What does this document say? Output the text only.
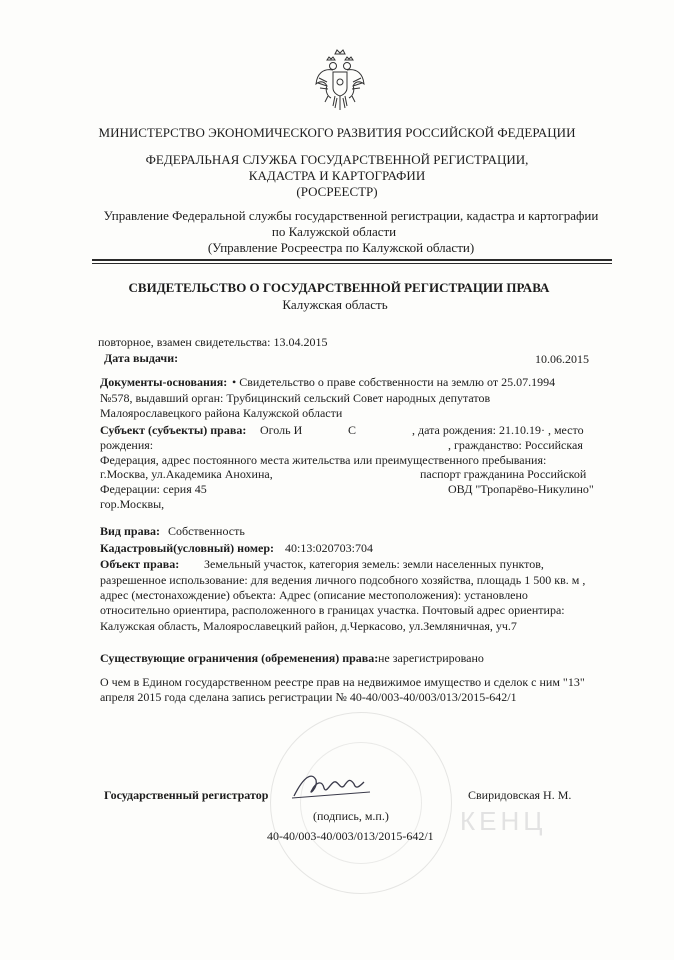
МИНИСТЕРСТВО ЭКОНОМИЧЕСКОГО РАЗВИТИЯ РОССИЙСКОЙ ФЕДЕРАЦИИ
ФЕДЕРАЛЬНАЯ СЛУЖБА ГОСУДАРСТВЕННОЙ РЕГИСТРАЦИИ,
КАДАСТРА И КАРТОГРАФИИ
(РОСРЕЕСТР)
Управление Федеральной службы государственной регистрации, кадастра и картографии
по Калужской области
(Управление Росреестра по Калужской области)
СВИДЕТЕЛЬСТВО О ГОСУДАРСТВЕННОЙ РЕГИСТРАЦИИ ПРАВА
Калужская область
повторное, взамен свидетельства: 13.04.2015
Дата выдачи:	10.06.2015
Документы-основания: • Свидетельство о праве собственности на землю от 25.07.1994
№578, выдавший орган: Трубицинский сельский Совет народных депутатов
Малоярославецкого района Калужской области
Субъект (субъекты) права: Оголь И	С	, дата рождения: 21.10.19· , место
рождения:	, гражданство: Российская
Федерация, адрес постоянного места жительства или преимущественного пребывания:
г.Москва, ул.Академика Анохина,	паспорт гражданина Российской
Федерации: серия 45	ОВД "Тропарёво-Никулино"
гор.Москвы,
Вид права: Собственность
Кадастровый(условный) номер: 40:13:020703:704
Объект права: Земельный участок, категория земель: земли населенных пунктов,
разрешенное использование: для ведения личного подсобного хозяйства, площадь 1 500 кв. м ,
адрес (местонахождение) объекта: Адрес (описание местоположения): установлено
относительно ориентира, расположенного в границах участка. Почтовый адрес ориентира:
Калужская область, Малоярославецкий район, д.Черкасово, ул.Земляничная, уч.7
Существующие ограничения (обременения) права: не зарегистрировано
О чем в Едином государственном реестре прав на недвижимое имущество и сделок с ним "13"
апреля 2015 года сделана запись регистрации № 40-40/003-40/003/013/2015-642/1
КЕНЦ
Государственный регистратор	Свиридовская Н. М.
(подпись, м.п.)
40-40/003-40/003/013/2015-642/1
